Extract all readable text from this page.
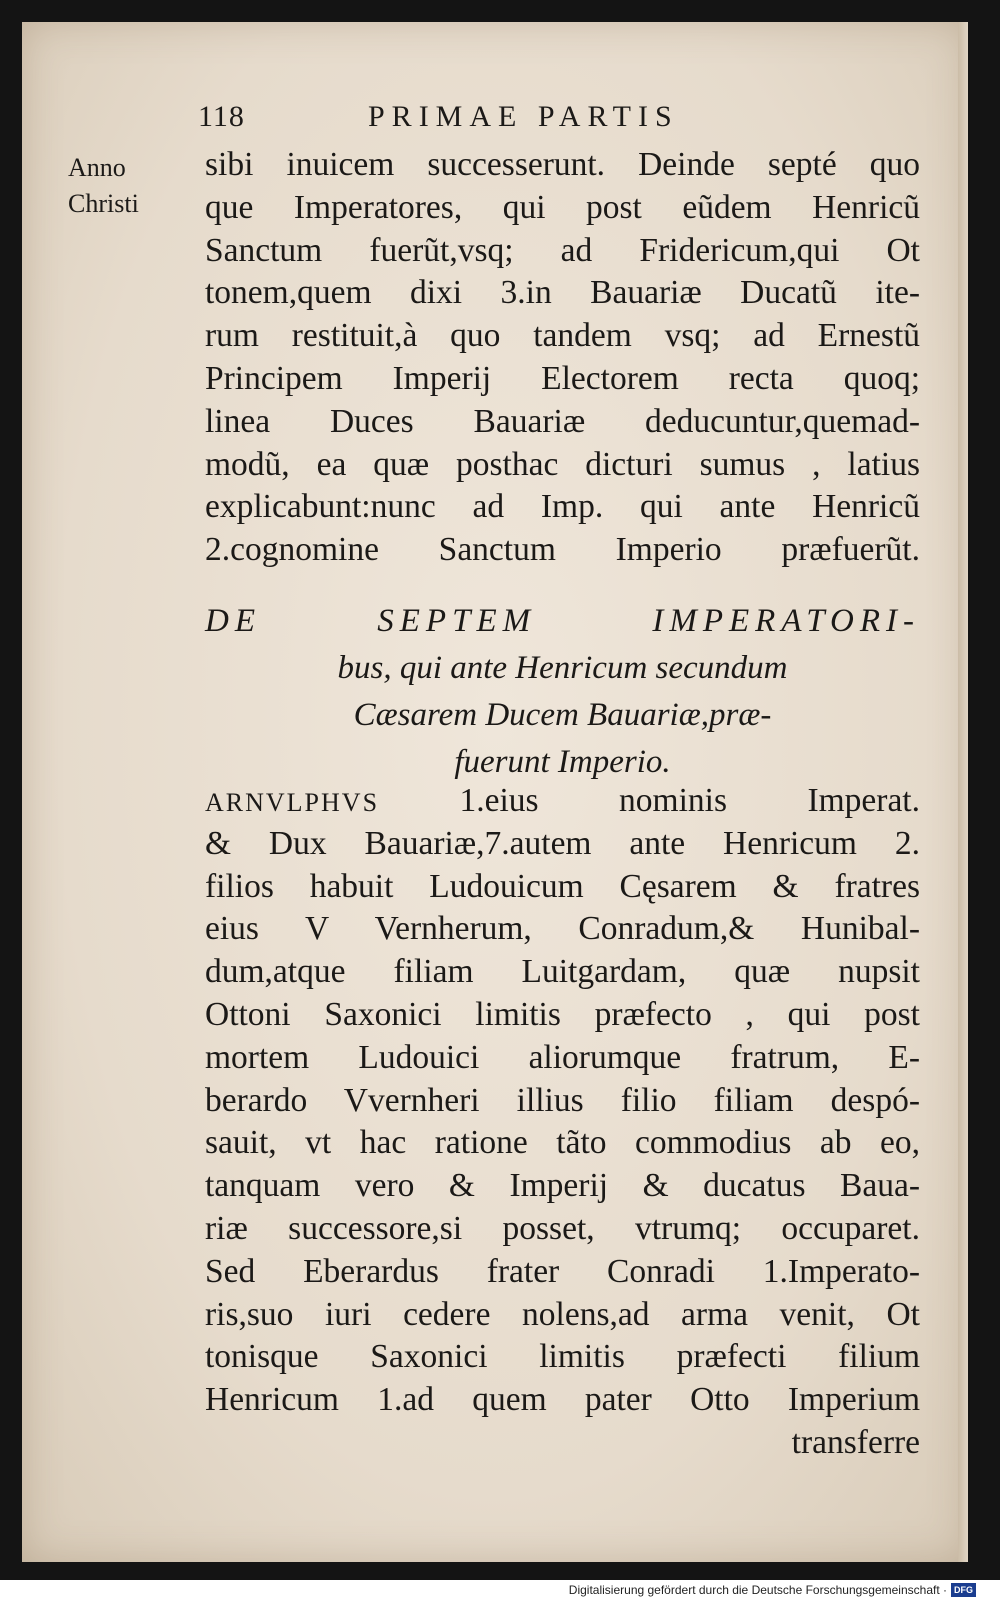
118	PRIMAE PARTIS
Anno
Christi
sibi inuicem successerunt. Deinde septé quo
que Imperatores, qui post eũdem Henricũ
Sanctum fuerũt,vsq; ad Fridericum,qui Ot
tonem,quem dixi 3.in Bauariæ Ducatũ ite-
rum restituit,à quo tandem vsq; ad Ernestũ
Principem Imperij Electorem recta quoq;
linea Duces Bauariæ deducuntur,quemad-
modũ, ea quæ posthac dicturi sumus , latius
explicabunt:nunc ad Imp. qui ante Henricũ
2.cognomine Sanctum Imperio præfuerũt.
DE SEPTEM IMPERATORI-
bus, qui ante Henricum secundum
Cæsarem Ducem Bauariæ,præ-
fuerunt Imperio.
ARNVLPHVS 1.eius nominis Imperat.
& Dux Bauariæ,7.autem ante Henricum 2.
filios habuit Ludouicum Cęsarem & fratres
eius V Vernherum, Conradum,& Hunibal-
dum,atque filiam Luitgardam, quæ nupsit
Ottoni Saxonici limitis præfecto , qui post
mortem Ludouici aliorumque fratrum, E-
berardo Vvernheri illius filio filiam despó-
sauit, vt hac ratione tãto commodius ab eo,
tanquam vero & Imperij & ducatus Baua-
riæ successore,si posset, vtrumq; occuparet.
Sed Eberardus frater Conradi 1.Imperato-
ris,suo iuri cedere nolens,ad arma venit, Ot
tonisque Saxonici limitis præfecti filium
Henricum 1.ad quem pater Otto Imperium
transferre
Digitalisierung gefördert durch die Deutsche Forschungsgemeinschaft · DFG
